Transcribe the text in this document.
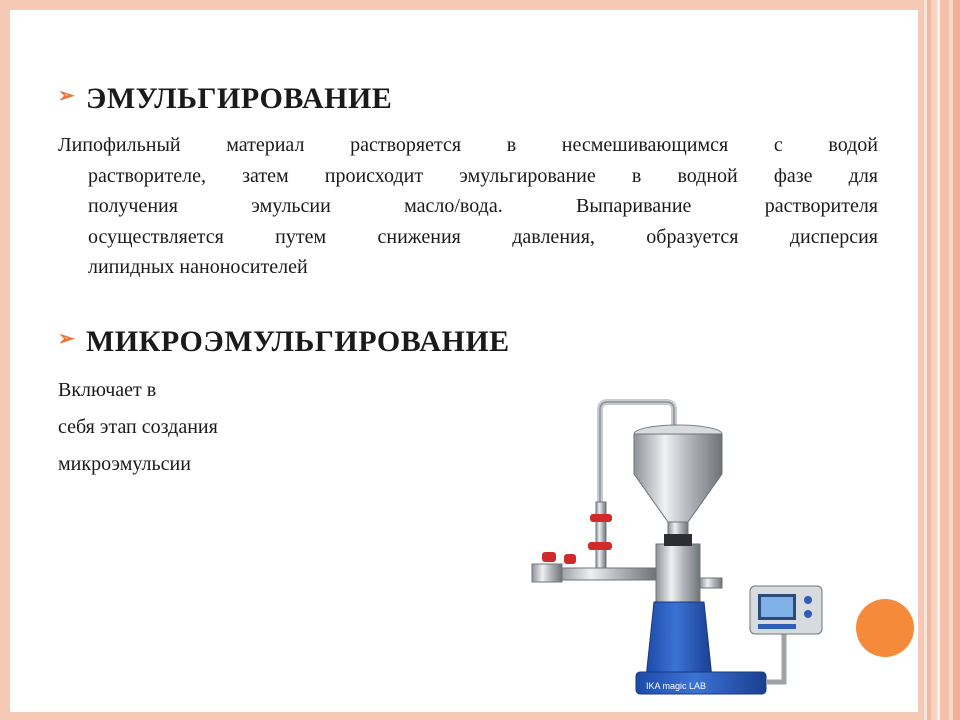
➢ ЭМУЛЬГИРОВАНИЕ
Липофильный материал растворяется в несмешивающимся с водой
растворителе, затем происходит эмульгирование в водной фазе для
получения эмульсии масло/вода. Выпаривание растворителя
осуществляется путем снижения давления, образуется дисперсия
липидных наноносителей
➢ МИКРОЭМУЛЬГИРОВАНИЕ
Включает в
себя этап создания
микроэмульсии
IKA magic LAB
